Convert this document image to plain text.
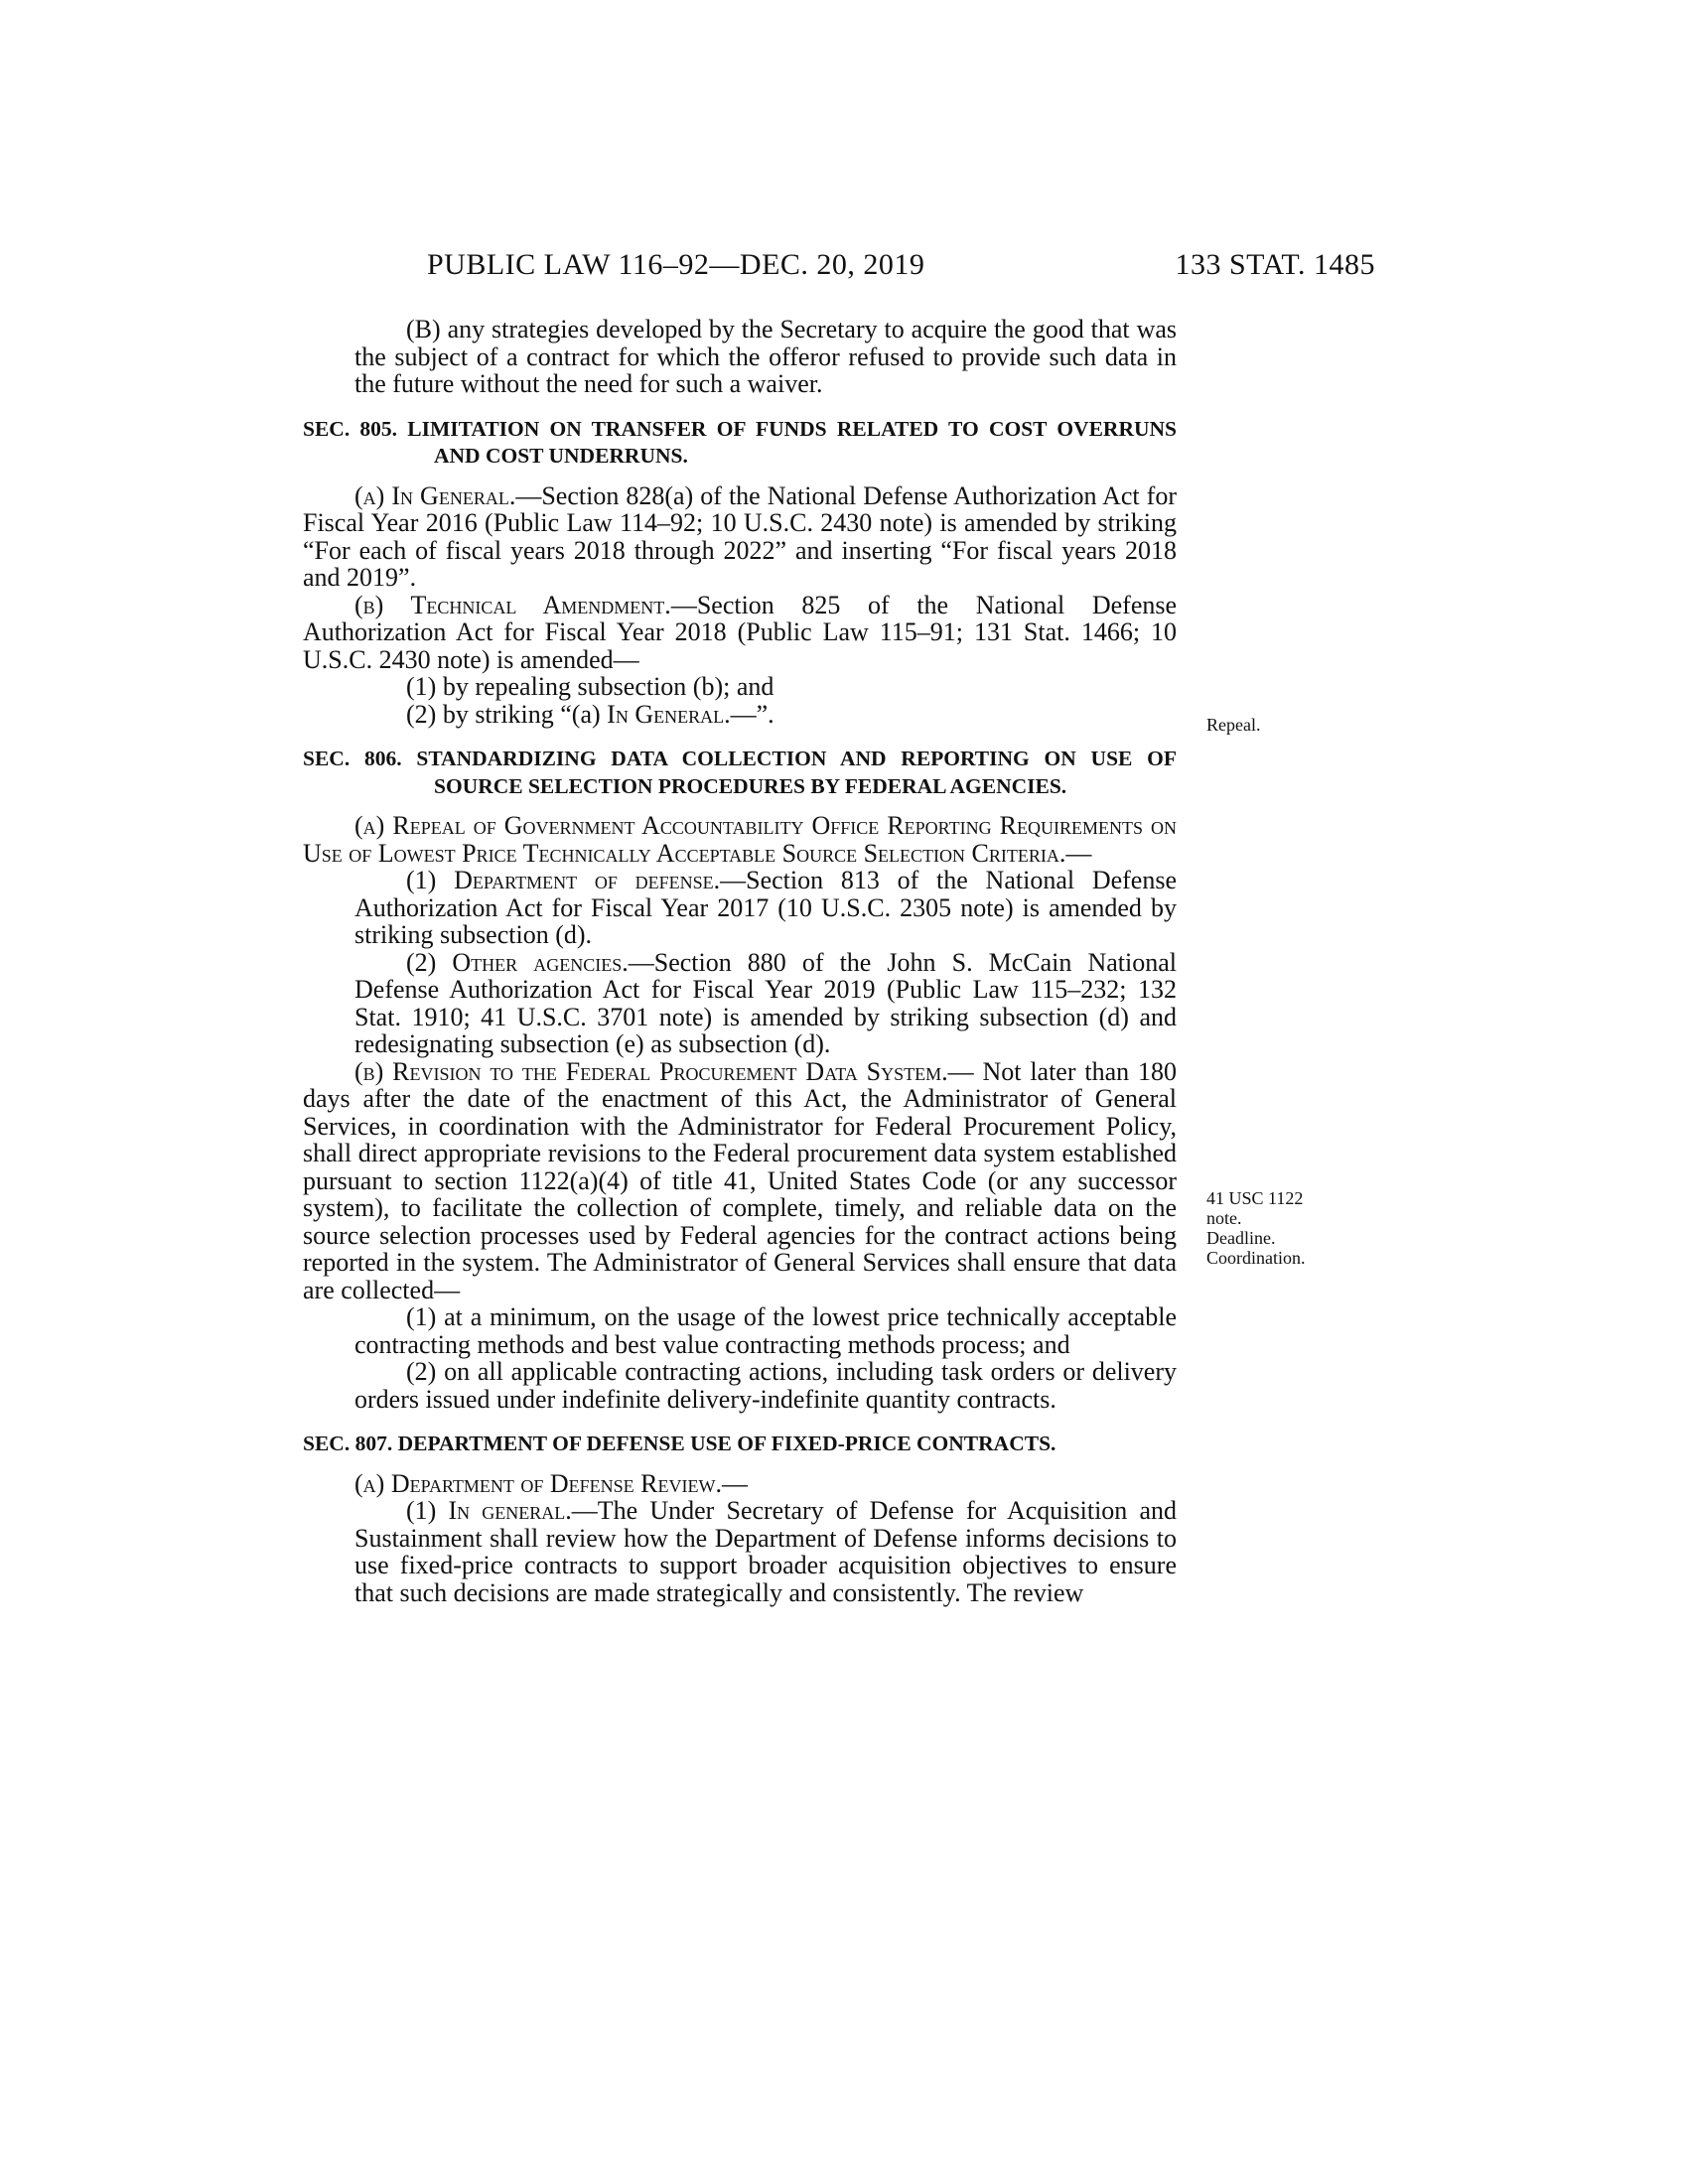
PUBLIC LAW 116–92—DEC. 20, 2019	133 STAT. 1485

(B) any strategies developed by the Secretary to acquire the good that was the subject of a contract for which the offeror refused to provide such data in the future without the need for such a waiver.

SEC. 805. LIMITATION ON TRANSFER OF FUNDS RELATED TO COST OVERRUNS AND COST UNDERRUNS.

(a) In General.—Section 828(a) of the National Defense Authorization Act for Fiscal Year 2016 (Public Law 114–92; 10 U.S.C. 2430 note) is amended by striking “For each of fiscal years 2018 through 2022” and inserting “For fiscal years 2018 and 2019”.

(b) Technical Amendment.—Section 825 of the National Defense Authorization Act for Fiscal Year 2018 (Public Law 115–91; 131 Stat. 1466; 10 U.S.C. 2430 note) is amended—

(1) by repealing subsection (b); and

(2) by striking “(a) In General.—”.

SEC. 806. STANDARDIZING DATA COLLECTION AND REPORTING ON USE OF SOURCE SELECTION PROCEDURES BY FEDERAL AGENCIES.

(a) Repeal of Government Accountability Office Reporting Requirements on Use of Lowest Price Technically Acceptable Source Selection Criteria.—

(1) Department of defense.—Section 813 of the National Defense Authorization Act for Fiscal Year 2017 (10 U.S.C. 2305 note) is amended by striking subsection (d).

(2) Other agencies.—Section 880 of the John S. McCain National Defense Authorization Act for Fiscal Year 2019 (Public Law 115–232; 132 Stat. 1910; 41 U.S.C. 3701 note) is amended by striking subsection (d) and redesignating subsection (e) as subsection (d).

(b) Revision to the Federal Procurement Data System.— Not later than 180 days after the date of the enactment of this Act, the Administrator of General Services, in coordination with the Administrator for Federal Procurement Policy, shall direct appropriate revisions to the Federal procurement data system established pursuant to section 1122(a)(4) of title 41, United States Code (or any successor system), to facilitate the collection of complete, timely, and reliable data on the source selection processes used by Federal agencies for the contract actions being reported in the system. The Administrator of General Services shall ensure that data are collected—

(1) at a minimum, on the usage of the lowest price technically acceptable contracting methods and best value contracting methods process; and

(2) on all applicable contracting actions, including task orders or delivery orders issued under indefinite delivery-indefinite quantity contracts.

SEC. 807. DEPARTMENT OF DEFENSE USE OF FIXED-PRICE CONTRACTS.

(a) Department of Defense Review.—

(1) In general.—The Under Secretary of Defense for Acquisition and Sustainment shall review how the Department of Defense informs decisions to use fixed-price contracts to support broader acquisition objectives to ensure that such decisions are made strategically and consistently. The review

Repeal.
41 USC 1122
note.
Deadline.
Coordination.
